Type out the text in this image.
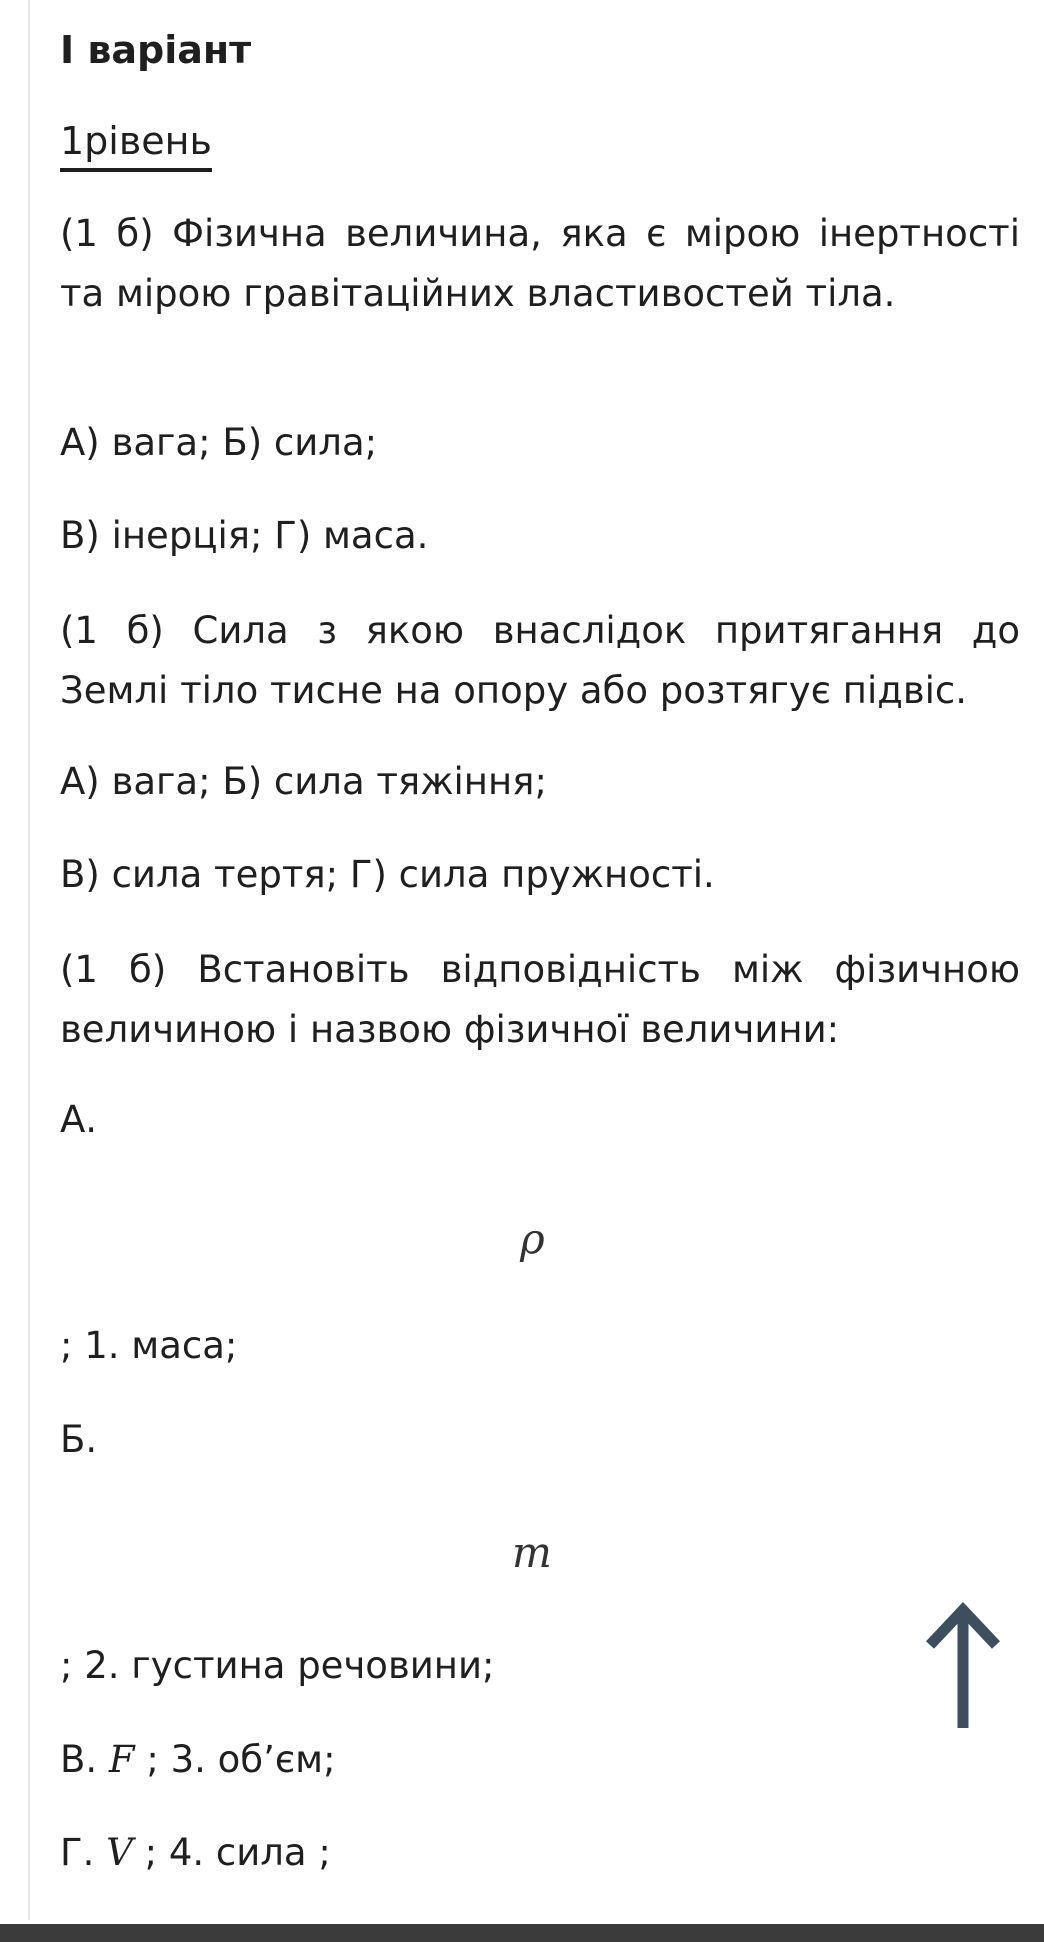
І варіант
1рівень

(1 б) Фізична величина, яка є мірою інертності та мірою гравітаційних властивостей тіла.

А) вага; Б) сила;
В) інерція; Г) маса.

(1 б) Сила з якою внаслідок притягання до Землі тіло тисне на опору або розтягує підвіс.

А) вага; Б) сила тяжіння;
В) сила тертя; Г) сила пружності.

(1 б) Встановіть відповідність між фізичною величиною і назвою фізичної величини:

А.
ρ
; 1. маса;
Б.
m
; 2. густина речовини;
В. F ; 3. об’єм;
Г. V ; 4. сила ;
